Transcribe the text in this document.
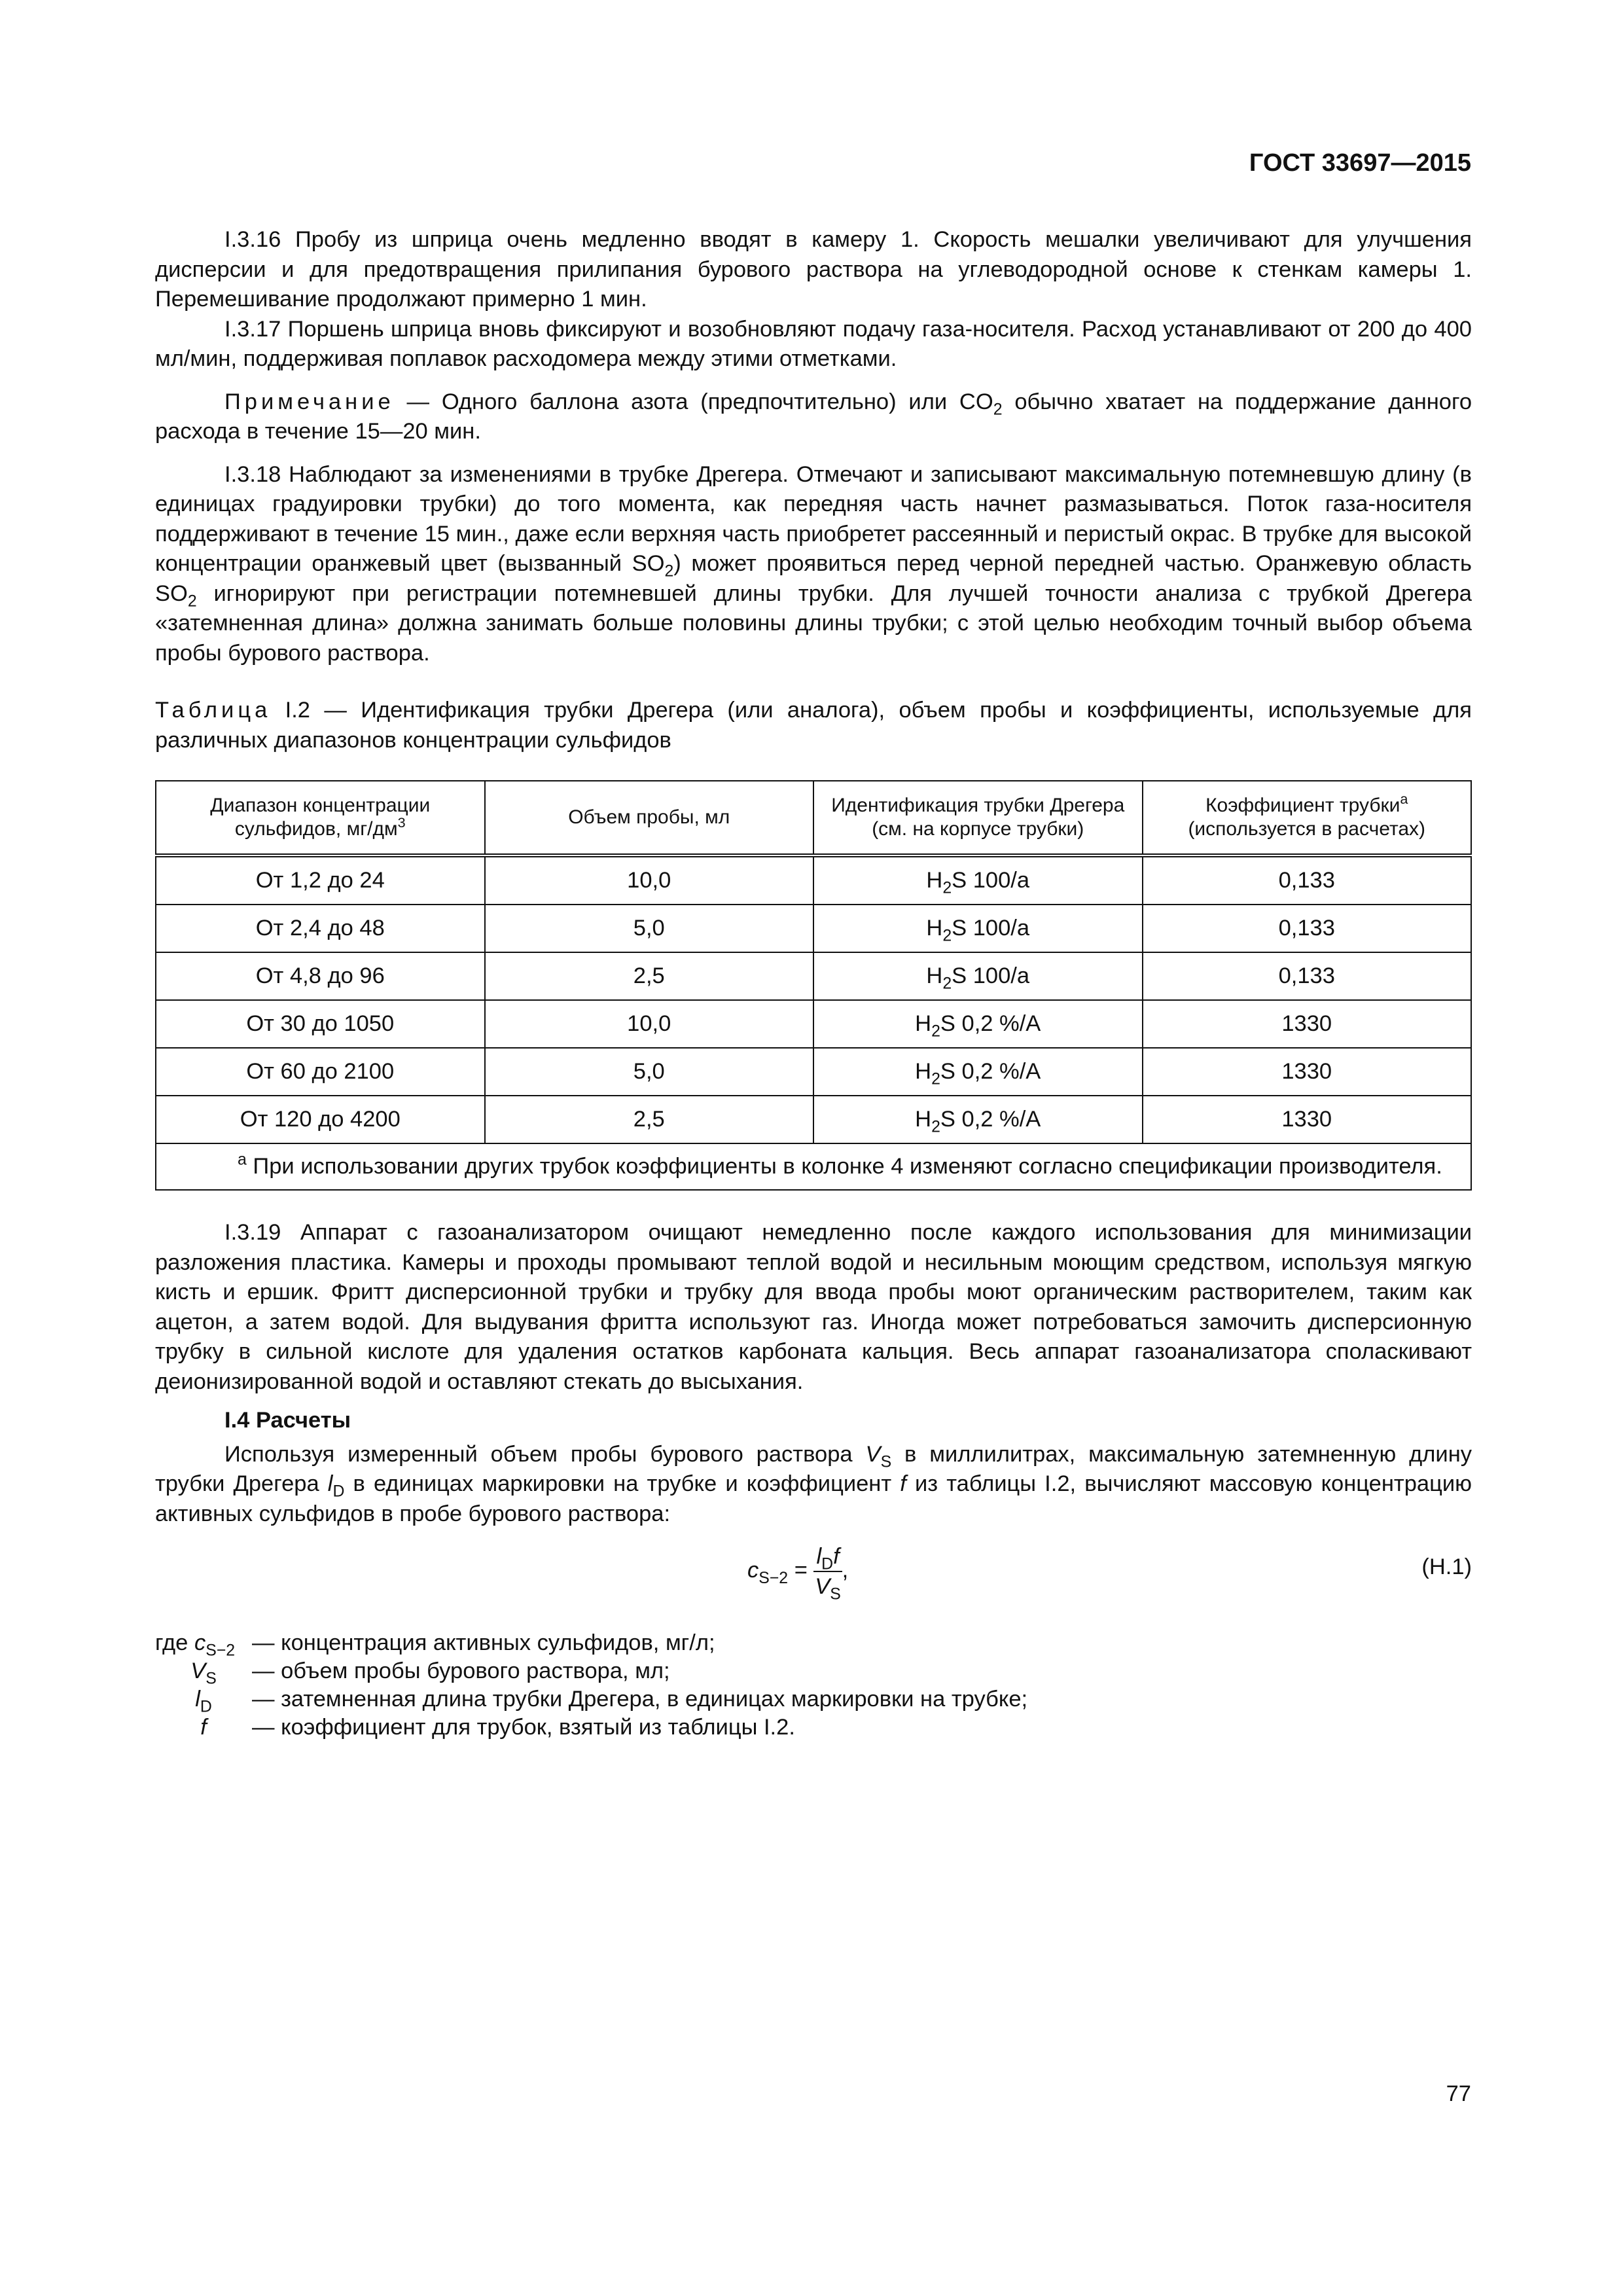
ГОСТ 33697—2015

I.3.16 Пробу из шприца очень медленно вводят в камеру 1. Скорость мешалки увеличивают для улучшения дисперсии и для предотвращения прилипания бурового раствора на углеводородной основе к стенкам камеры 1. Перемешивание продолжают примерно 1 мин.

I.3.17 Поршень шприца вновь фиксируют и возобновляют подачу газа-носителя. Расход устанавливают от 200 до 400 мл/мин, поддерживая поплавок расходомера между этими отметками.

Примечание — Одного баллона азота (предпочтительно) или $CO_2$ обычно хватает на поддержание данного расхода в течение 15—20 мин.

I.3.18 Наблюдают за изменениями в трубке Дрегера. Отмечают и записывают максимальную потемневшую длину (в единицах градуировки трубки) до того момента, как передняя часть начнет размазываться. Поток газа-носителя поддерживают в течение 15 мин., даже если верхняя часть приобретет рассеянный и перистый окрас. В трубке для высокой концентрации оранжевый цвет (вызванный $SO_2$) может проявиться перед черной передней частью. Оранжевую область $SO_2$ игнорируют при регистрации потемневшей длины трубки. Для лучшей точности анализа с трубкой Дрегера «затемненная длина» должна занимать больше половины длины трубки; с этой целью необходим точный выбор объема пробы бурового раствора.

Таблица I.2 — Идентификация трубки Дрегера (или аналога), объем пробы и коэффициенты, используемые для различных диапазонов концентрации сульфидов

Диапазон концентрации сульфидов, $мг/дм^3$	Объем пробы, мл	Идентификация трубки Дрегера (см. на корпусе трубки)	Коэффициент трубки$^a$
(используется в расчетах)
От 1,2 до 24	10,0	$H_2S$ 100/a	0,133
От 2,4 до 48	5,0	$H_2S$ 100/a	0,133
От 4,8 до 96	2,5	$H_2S$ 100/a	0,133
От 30 до 1050	10,0	$H_2S$ 0,2 %/A	1330
От 60 до 2100	5,0	$H_2S$ 0,2 %/A	1330
От 120 до 4200	2,5	$H_2S$ 0,2 %/A	1330
$^a$ При использовании других трубок коэффициенты в колонке 4 изменяют согласно спецификации производителя.			

I.3.19 Аппарат с газоанализатором очищают немедленно после каждого использования для минимизации разложения пластика. Камеры и проходы промывают теплой водой и несильным моющим средством, используя мягкую кисть и ершик. Фритт дисперсионной трубки и трубку для ввода пробы моют органическим растворителем, таким как ацетон, а затем водой. Для выдувания фритта используют газ. Иногда может потребоваться замочить дисперсионную трубку в сильной кислоте для удаления остатков карбоната кальция. Весь аппарат газоанализатора споласкивают деионизированной водой и оставляют стекать до высыхания.

I.4 Расчеты

Используя измеренный объем пробы бурового раствора $V_S$ в миллилитрах, максимальную затемненную длину трубки Дрегера $l_D$ в единицах маркировки на трубке и коэффициент f из таблицы I.2, вычисляют массовую концентрацию активных сульфидов в пробе бурового раствора:

$c_{S-2} = \frac{l_Df}{V_S}$ ,	(H.1)
где $c_{S-2}$ — концентрация активных сульфидов, мг/л;
$V_S$	— объем пробы бурового раствора, мл;
$l_D$	— затемненная длина трубки Дрегера, в единицах маркировки на трубке;
f	— коэффициент для трубок, взятый из таблицы I.2.
77
